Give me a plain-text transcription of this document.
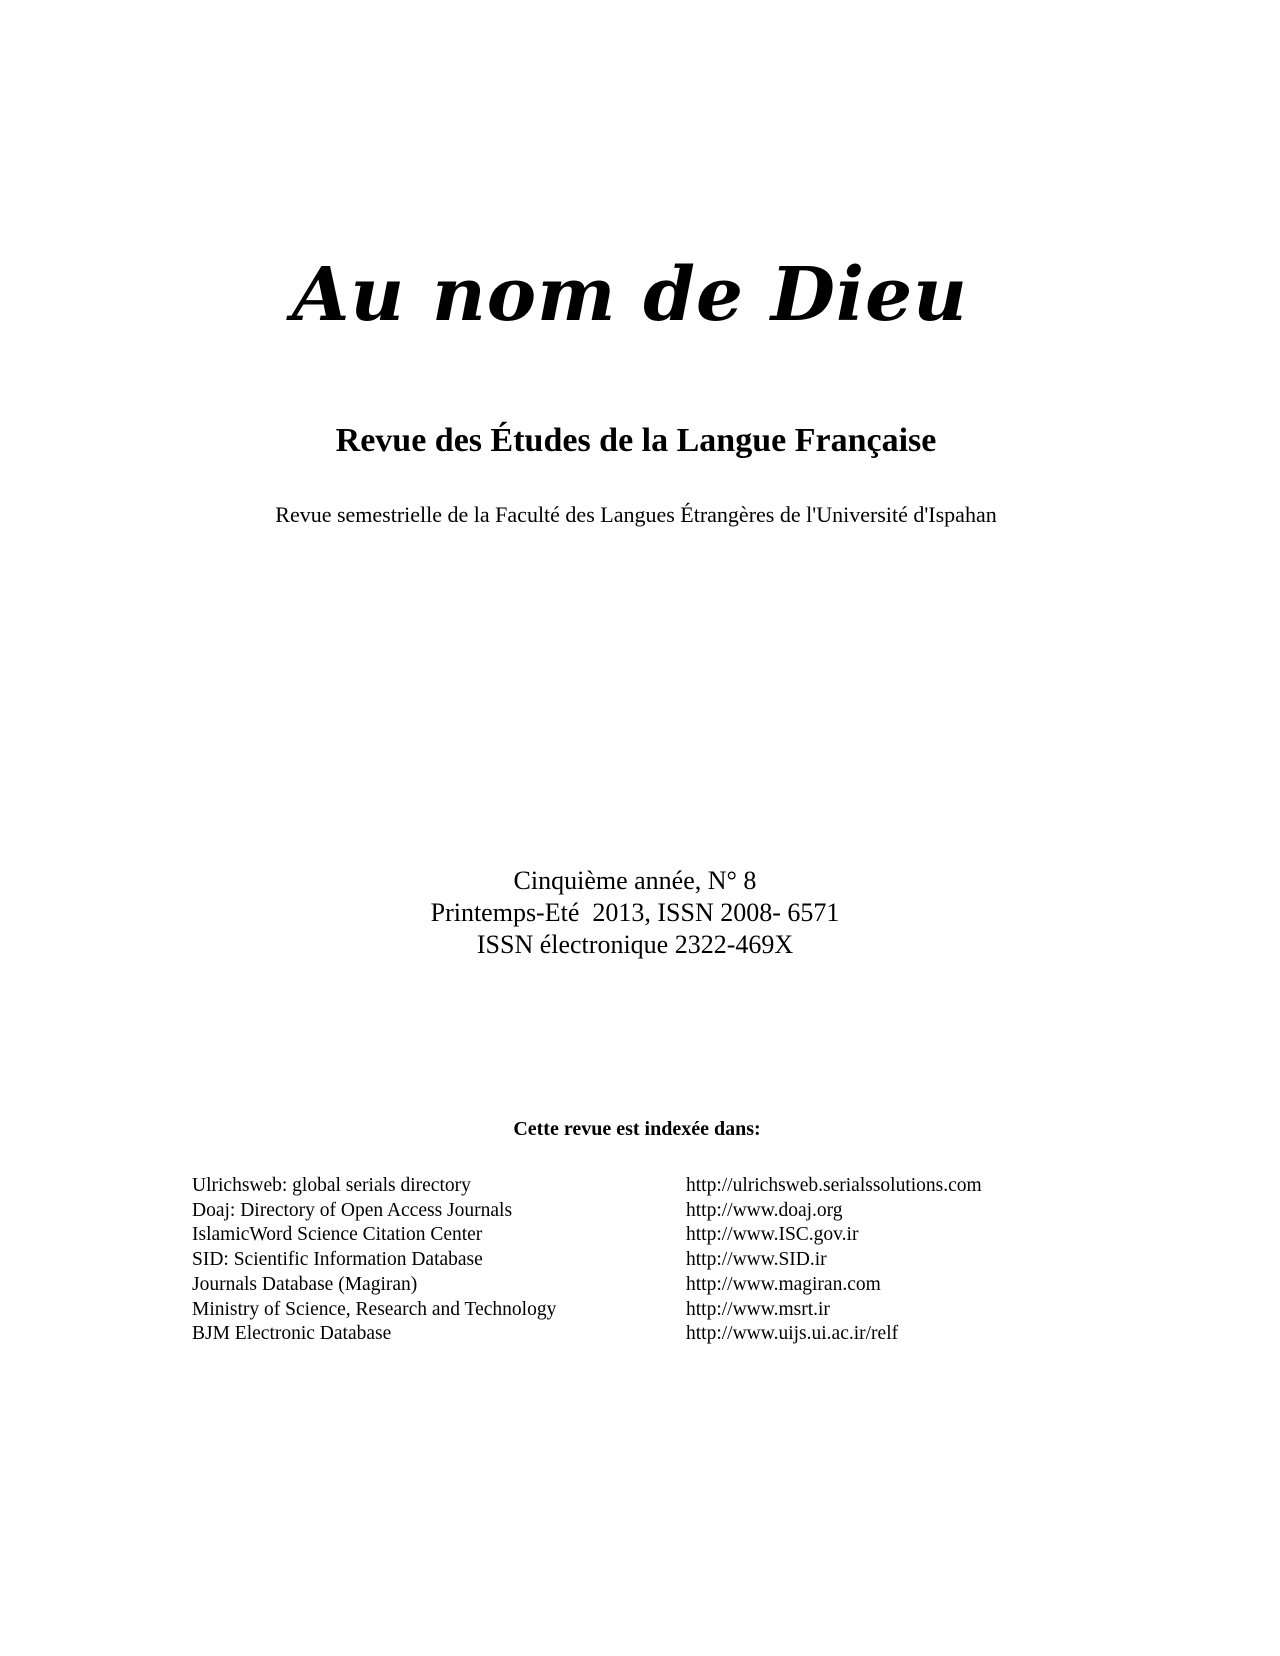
Au nom de Dieu
Revue des Études de la Langue Française

Revue semestrielle de la Faculté des Langues Étrangères de l'Université d'Ispahan

Cinquième année, N° 8
Printemps-Eté  2013, ISSN 2008- 6571
ISSN électronique 2322-469X
Cette revue est indexée dans:
Ulrichsweb: global serials directory	http://ulrichsweb.serialssolutions.com
Doaj: Directory of Open Access Journals	http://www.doaj.org
IslamicWord Science Citation Center	http://www.ISC.gov.ir
SID: Scientific Information Database	http://www.SID.ir
Journals Database (Magiran)	http://www.magiran.com
Ministry of Science, Research and Technology	http://www.msrt.ir
BJM Electronic Database	http://www.uijs.ui.ac.ir/relf
